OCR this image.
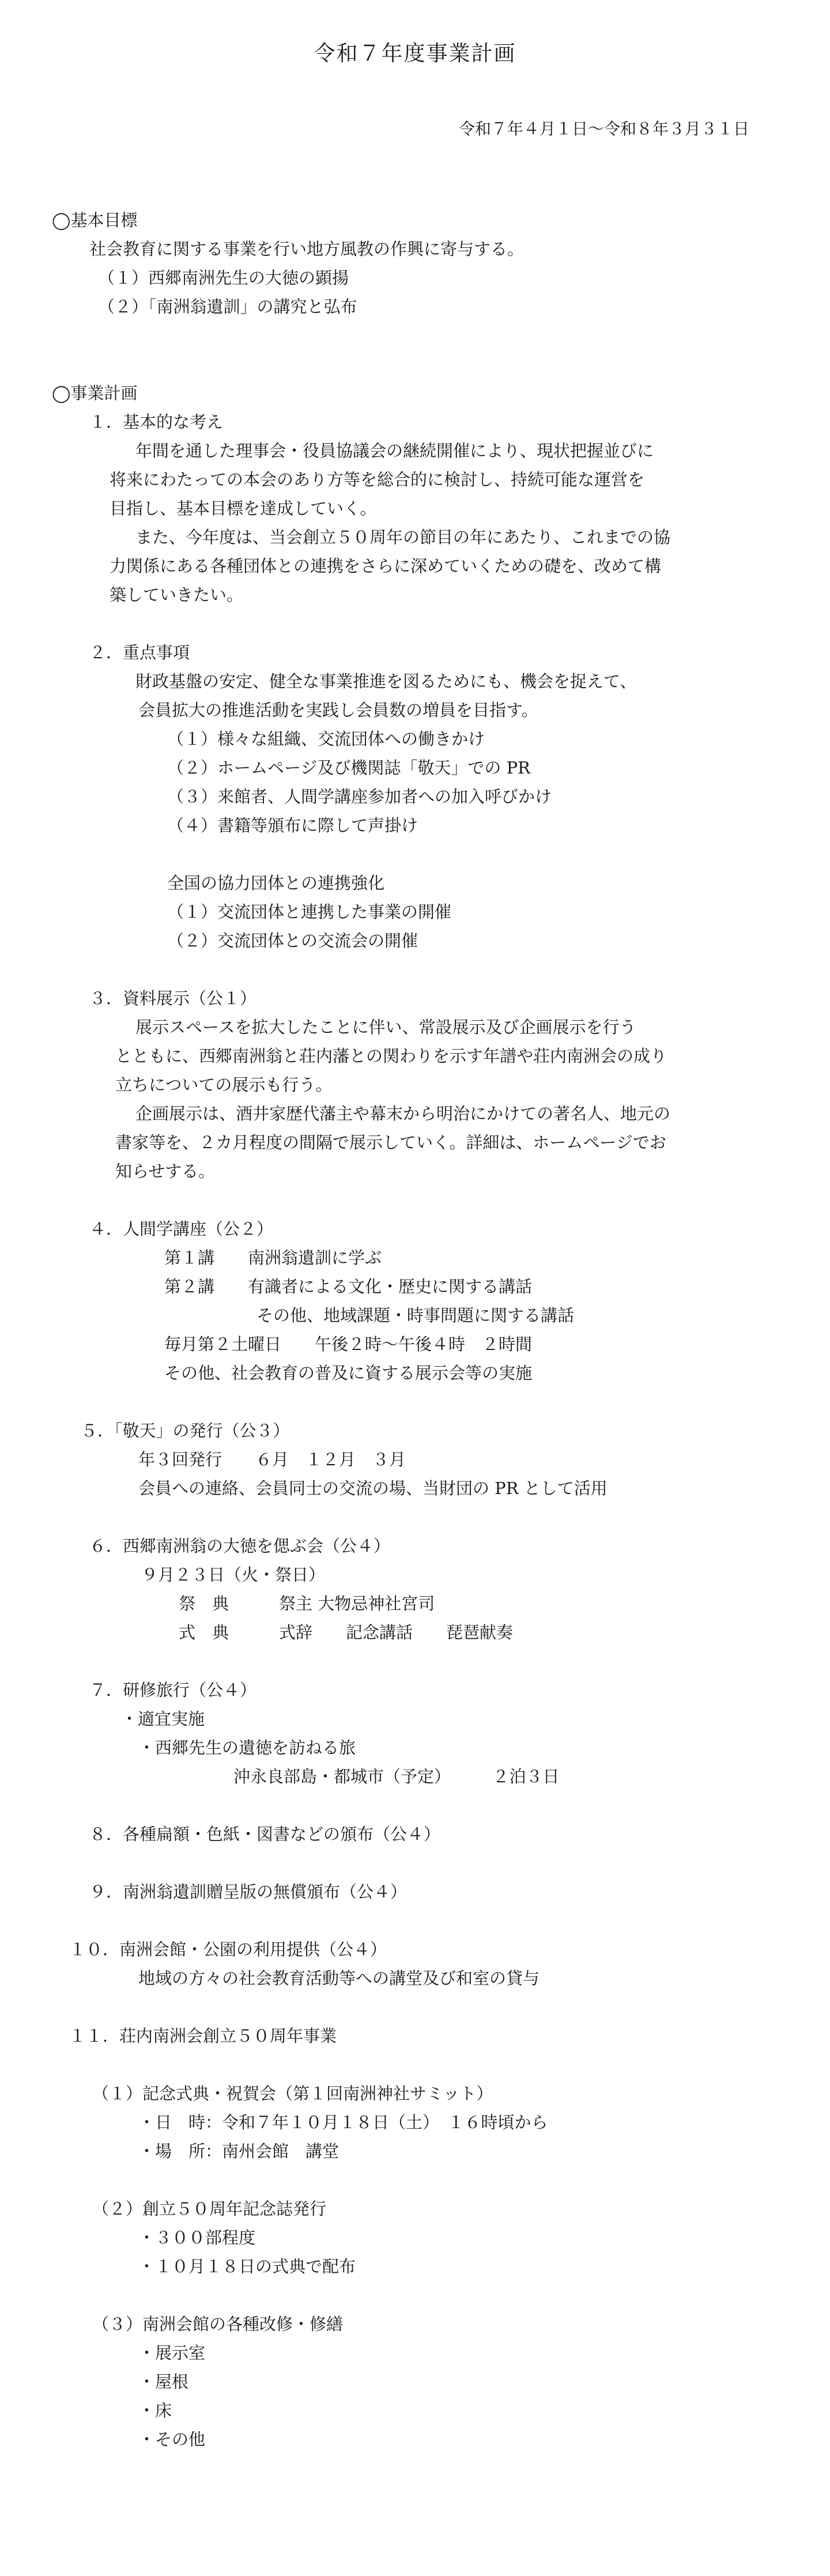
令和７年度事業計画
令和７年４月１日～令和８年３月３１日
◯基本目標
社会教育に関する事業を行い地方風教の作興に寄与する。
（１）西郷南洲先生の大徳の顕揚
（２）「南洲翁遺訓」の講究と弘布
◯事業計画
１．基本的な考え
年間を通した理事会・役員協議会の継続開催により、現状把握並びに
将来にわたっての本会のあり方等を総合的に検討し、持続可能な運営を
目指し、基本目標を達成していく。
また、今年度は、当会創立５０周年の節目の年にあたり、これまでの協
力関係にある各種団体との連携をさらに深めていくための礎を、改めて構
築していきたい。
２．重点事項
財政基盤の安定、健全な事業推進を図るためにも、機会を捉えて、
会員拡大の推進活動を実践し会員数の増員を目指す。
（１）様々な組織、交流団体への働きかけ
（２）ホームページ及び機関誌「敬天」での PR
（３）来館者、人間学講座参加者への加入呼びかけ
（４）書籍等頒布に際して声掛け
全国の協力団体との連携強化
（１）交流団体と連携した事業の開催
（２）交流団体との交流会の開催
３．資料展示（公１）
展示スペースを拡大したことに伴い、常設展示及び企画展示を行う
とともに、西郷南洲翁と荘内藩との関わりを示す年譜や荘内南洲会の成り
立ちについての展示も行う。
企画展示は、酒井家歴代藩主や幕末から明治にかけての著名人、地元の
書家等を、２カ月程度の間隔で展示していく。詳細は、ホームページでお
知らせする。
４．人間学講座（公２）
第１講　　南洲翁遺訓に学ぶ
第２講　　有識者による文化・歴史に関する講話
その他、地域課題・時事問題に関する講話
毎月第２土曜日　　午後２時～午後４時　２時間
その他、社会教育の普及に資する展示会等の実施
５．「敬天」の発行（公３）
年３回発行　　６月　１２月　３月
会員への連絡、会員同士の交流の場、当財団の PR として活用
６．西郷南洲翁の大徳を偲ぶ会（公４）
９月２３日（火・祭日）
祭　典　　　祭主 大物忌神社宮司
式　典　　　式辞　　記念講話　　琵琶献奏
７．研修旅行（公４）
・適宜実施
・西郷先生の遺徳を訪ねる旅
沖永良部島・都城市（予定）　　　２泊３日
８．各種扁額・色紙・図書などの頒布（公４）
９．南洲翁遺訓贈呈版の無償頒布（公４）
１０．南洲会館・公園の利用提供（公４）
地域の方々の社会教育活動等への講堂及び和室の貸与
１１．荘内南洲会創立５０周年事業
（１）記念式典・祝賀会（第１回南洲神社サミット）
・日　時：令和７年１０月１８日（土）　１６時頃から
・場　所：南州会館　講堂
（２）創立５０周年記念誌発行
・３００部程度
・１０月１８日の式典で配布
（３）南洲会館の各種改修・修繕
・展示室
・屋根
・床
・その他
